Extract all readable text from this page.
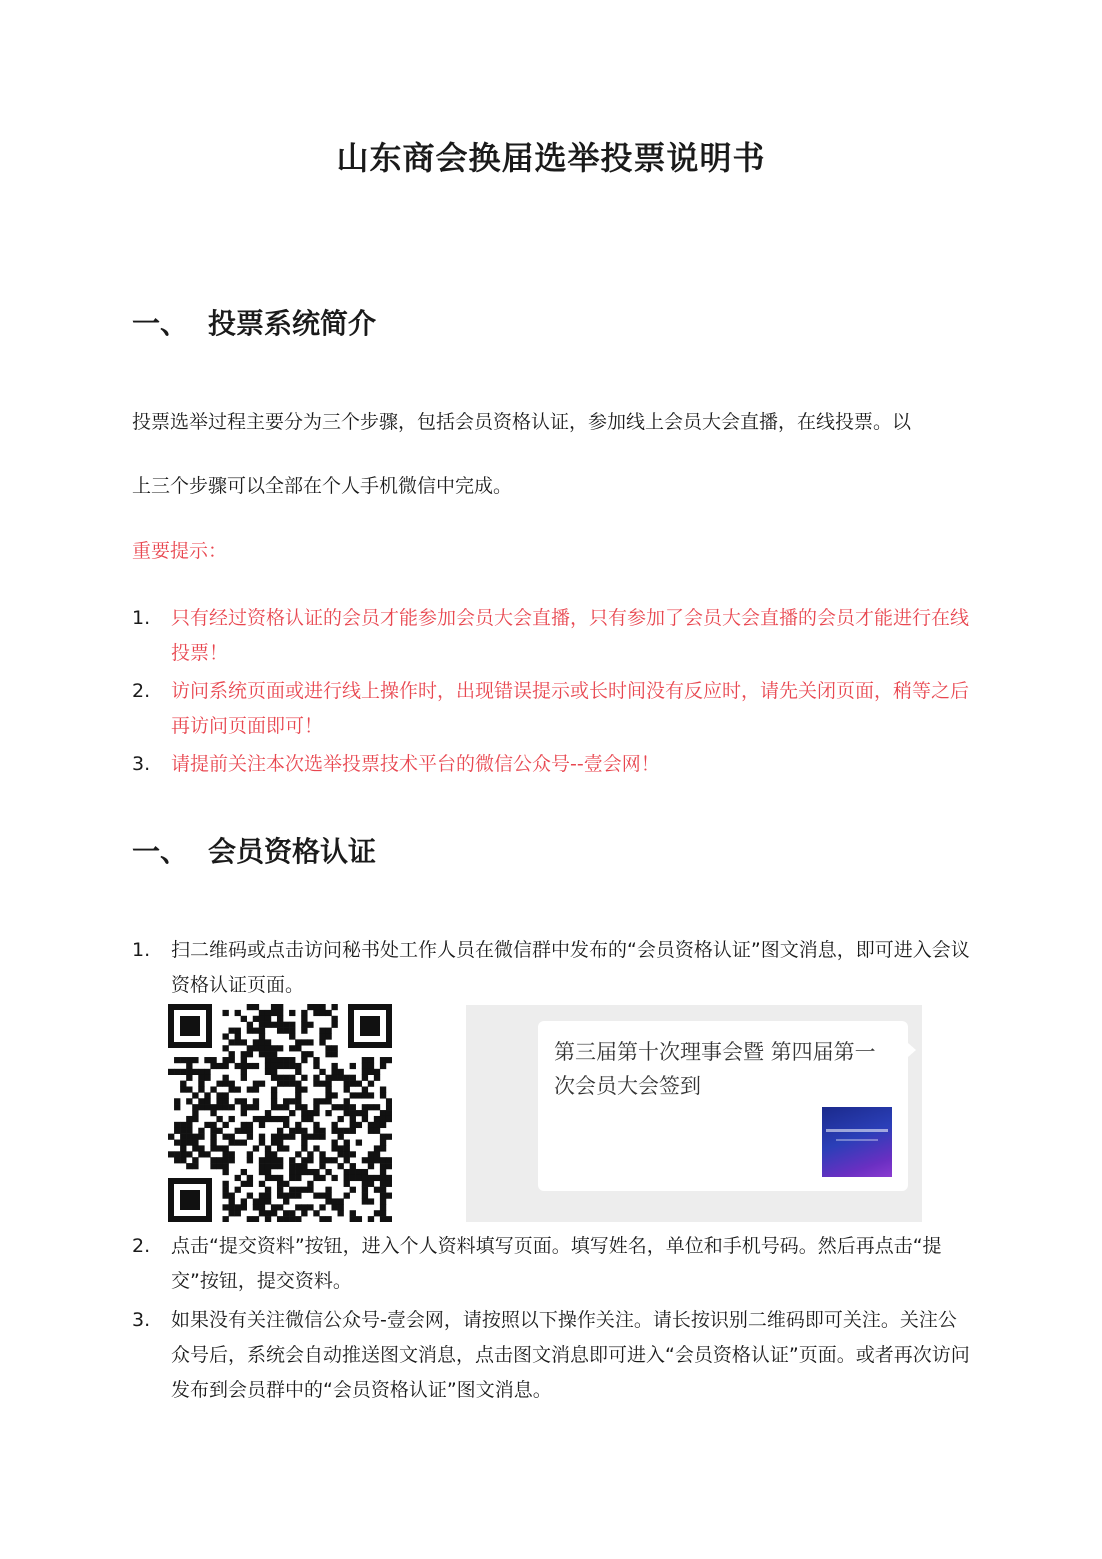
山东商会换届选举投票说明书
一、 投票系统简介

投票选举过程主要分为三个步骤，包括会员资格认证，参加线上会员大会直播，在线投票。以

上三个步骤可以全部在个人手机微信中完成。

重要提示：

1. 只有经过资格认证的会员才能参加会员大会直播，只有参加了会员大会直播的会员才能进行在线投票！
2. 访问系统页面或进行线上操作时，出现错误提示或长时间没有反应时，请先关闭页面，稍等之后再访问页面即可！
3. 请提前关注本次选举投票技术平台的微信公众号--壹会网！
一、 会员资格认证
1. 扫二维码或点击访问秘书处工作人员在微信群中发布的“会员资格认证”图文消息，即可进入会议资格认证页面。

第三届第十次理事会暨 第四届第一次会员大会签到

2. 点击“提交资料”按钮，进入个人资料填写页面。填写姓名，单位和手机号码。然后再点击“提交”按钮，提交资料。
3. 如果没有关注微信公众号-壹会网，请按照以下操作关注。请长按识别二维码即可关注。关注公众号后，系统会自动推送图文消息，点击图文消息即可进入“会员资格认证”页面。或者再次访问发布到会员群中的“会员资格认证”图文消息。
